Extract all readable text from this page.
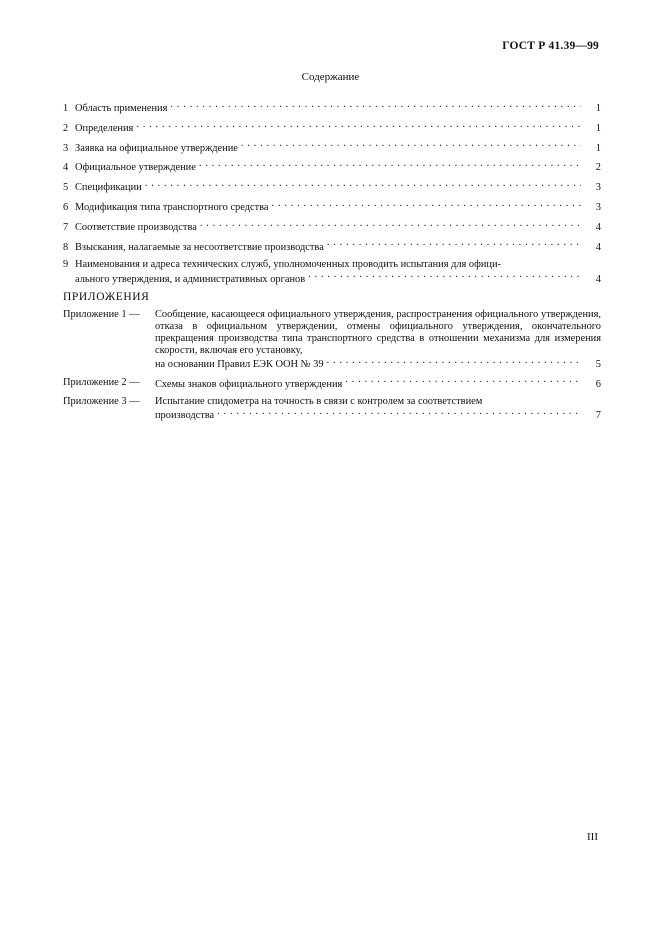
ГОСТ Р 41.39—99
Содержание
1 Область применения . . .	1
2 Определения . . .	1
3 Заявка на официальное утверждение . . .	1
4 Официальное утверждение . . .	2
5 Спецификации . . .	3
6 Модификация типа транспортного средства . . .	3
7 Соответствие производства . . .	4
8 Взыскания, налагаемые за несоответствие производства . . .	4
9 Наименования и адреса технических служб, уполномоченных проводить испытания для офици-
ального утверждения, и административных органов . . .	4
ПРИЛОЖЕНИЯ
Приложение 1 —	Сообщение, касающееся официального утверждения, распространения официального утверждения, отказа в официальном утверждении, отмены официального утверждения, окончательного прекращения производства типа транспортного средства в отношении механизма для измерения скорости, включая его установку,
на основании Правил ЕЭК ООН № 39 . . .	5
Приложение 2 —	Схемы знаков официального утверждения . . .	6
Приложение 3 —	Испытание спидометра на точность в связи с контролем за соответствием
производства . . .	7
III
